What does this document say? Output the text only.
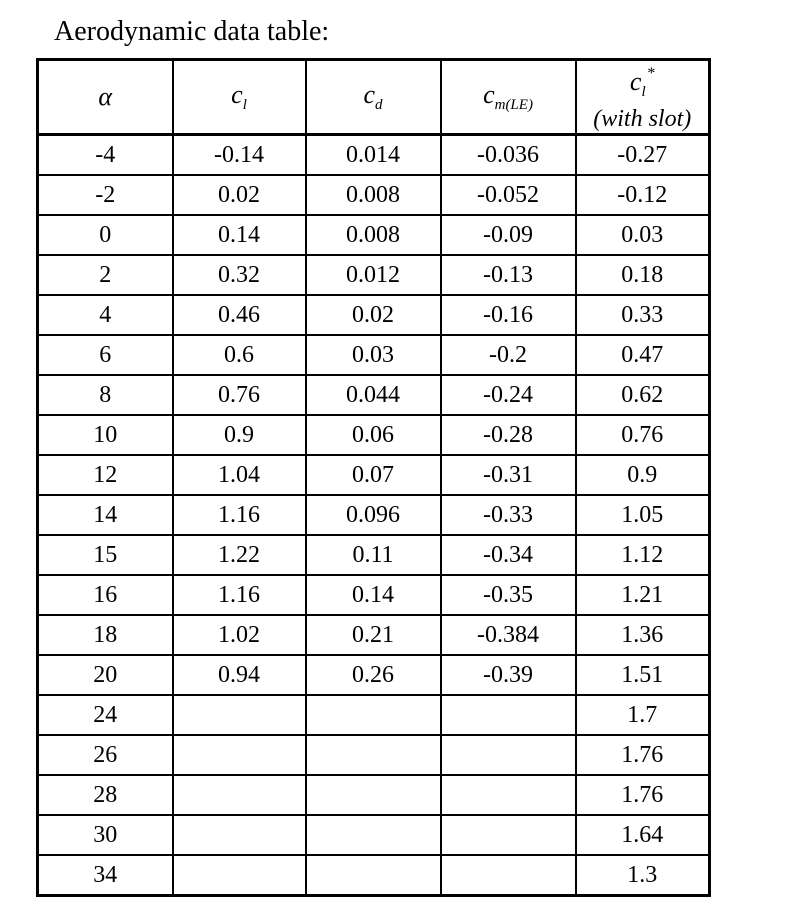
Aerodynamic data table:
α	$c_l$	$c_d$	$c_{m(LE)}$	$c_l^*$
(with slot)

-4	-0.14	0.014	-0.036	-0.27
-2	0.02	0.008	-0.052	-0.12
0	0.14	0.008	-0.09	0.03
2	0.32	0.012	-0.13	0.18
4	0.46	0.02	-0.16	0.33
6	0.6	0.03	-0.2	0.47
8	0.76	0.044	-0.24	0.62
10	0.9	0.06	-0.28	0.76
12	1.04	0.07	-0.31	0.9
14	1.16	0.096	-0.33	1.05
15	1.22	0.11	-0.34	1.12
16	1.16	0.14	-0.35	1.21
18	1.02	0.21	-0.384	1.36
20	0.94	0.26	-0.39	1.51
24				1.7
26				1.76
28				1.76
30				1.64
34				1.3
